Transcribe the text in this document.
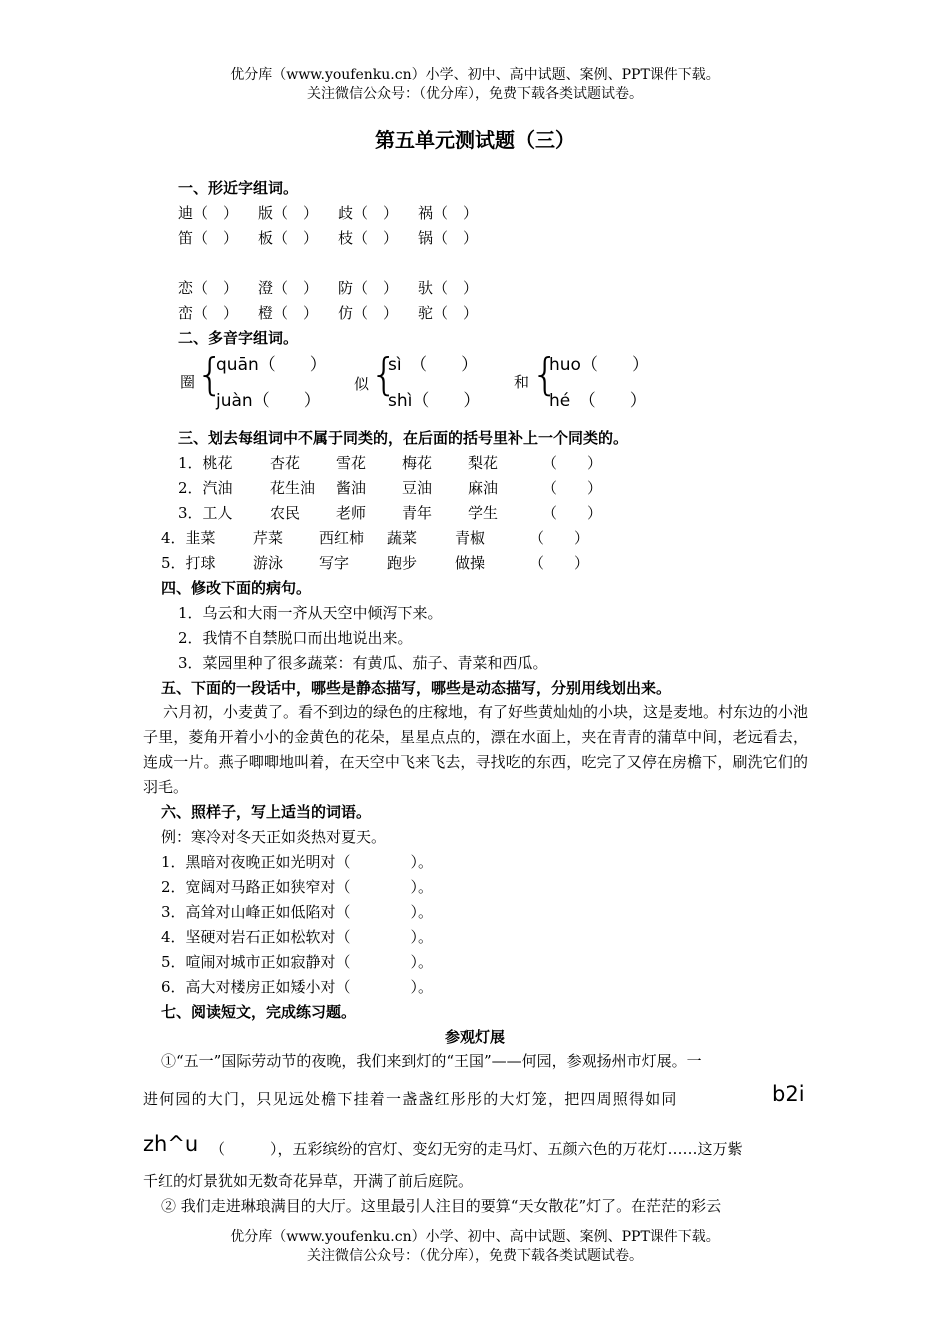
优分库（www.youfenku.cn）小学、初中、高中试题、案例、PPT课件下载。
关注微信公众号：（优分库），免费下载各类试题试卷。
第五单元测试题（三）
一、形近字组词。
迪（　） 版（　） 歧（　） 祸（　）
笛（　） 板（　） 枝（　） 锅（　）
恋（　） 澄（　） 防（　） 驮（　）
峦（　） 橙（　） 仿（　） 驼（　）
二、多音字组词。
圈 {
quān（　　）
juàn（　　）
似 {
sì　（　　）
shì（　　）
和 {
huo（　　）
hé　（　　）
三、划去每组词中不属于同类的，在后面的括号里补上一个同类的。
1．桃花 杏花 雪花 梅花 梨花	（　　）
2．汽油 花生油 酱油 豆油 麻油	（　　）
3．工人 农民 老师 青年 学生	（　　）
4．韭菜 芹菜 西红柿 蔬菜	青椒	（　　）
5．打球 游泳 写字	跑步	做操	（　　）
四、修改下面的病句。
1．乌云和大雨一齐从天空中倾泻下来。
2．我情不自禁脱口而出地说出来。
3．菜园里种了很多蔬菜：有黄瓜、茄子、青菜和西瓜。
五、下面的一段话中，哪些是静态描写，哪些是动态描写，分别用线划出来。
六月初，小麦黄了。看不到边的绿色的庄稼地，有了好些黄灿灿的小块，这是麦地。村东边的小池子里，菱角开着小小的金黄色的花朵，星星点点的，漂在水面上，夹在青青的蒲草中间，老远看去，连成一片。燕子唧唧地叫着，在天空中飞来飞去，寻找吃的东西，吃完了又停在房檐下，刷洗它们的羽毛。
六、照样子，写上适当的词语。
例：寒冷对冬天正如炎热对夏天。
1．黑暗对夜晚正如光明对（　　　　）。
2．宽阔对马路正如狭窄对（　　　　）。
3．高耸对山峰正如低陷对（　　　　）。
4．坚硬对岩石正如松软对（　　　　）。
5．喧闹对城市正如寂静对（　　　　）。
6．高大对楼房正如矮小对（　　　　）。
七、阅读短文，完成练习题。
参观灯展
①“五一”国际劳动节的夜晚，我们来到灯的“王国”——何园，参观扬州市灯展。一
进何园的大门，只见远处檐下挂着一盏盏红彤彤的大灯笼，把四周照得如同	b2i
zh^u （　　　），五彩缤纷的宫灯、变幻无穷的走马灯、五颜六色的万花灯……这万紫
千红的灯景犹如无数奇花异草，开满了前后庭院。
② 我们走进琳琅满目的大厅。这里最引人注目的要算“天女散花”灯了。在茫茫的彩云
优分库（www.youfenku.cn）小学、初中、高中试题、案例、PPT课件下载。
关注微信公众号：（优分库），免费下载各类试题试卷。
